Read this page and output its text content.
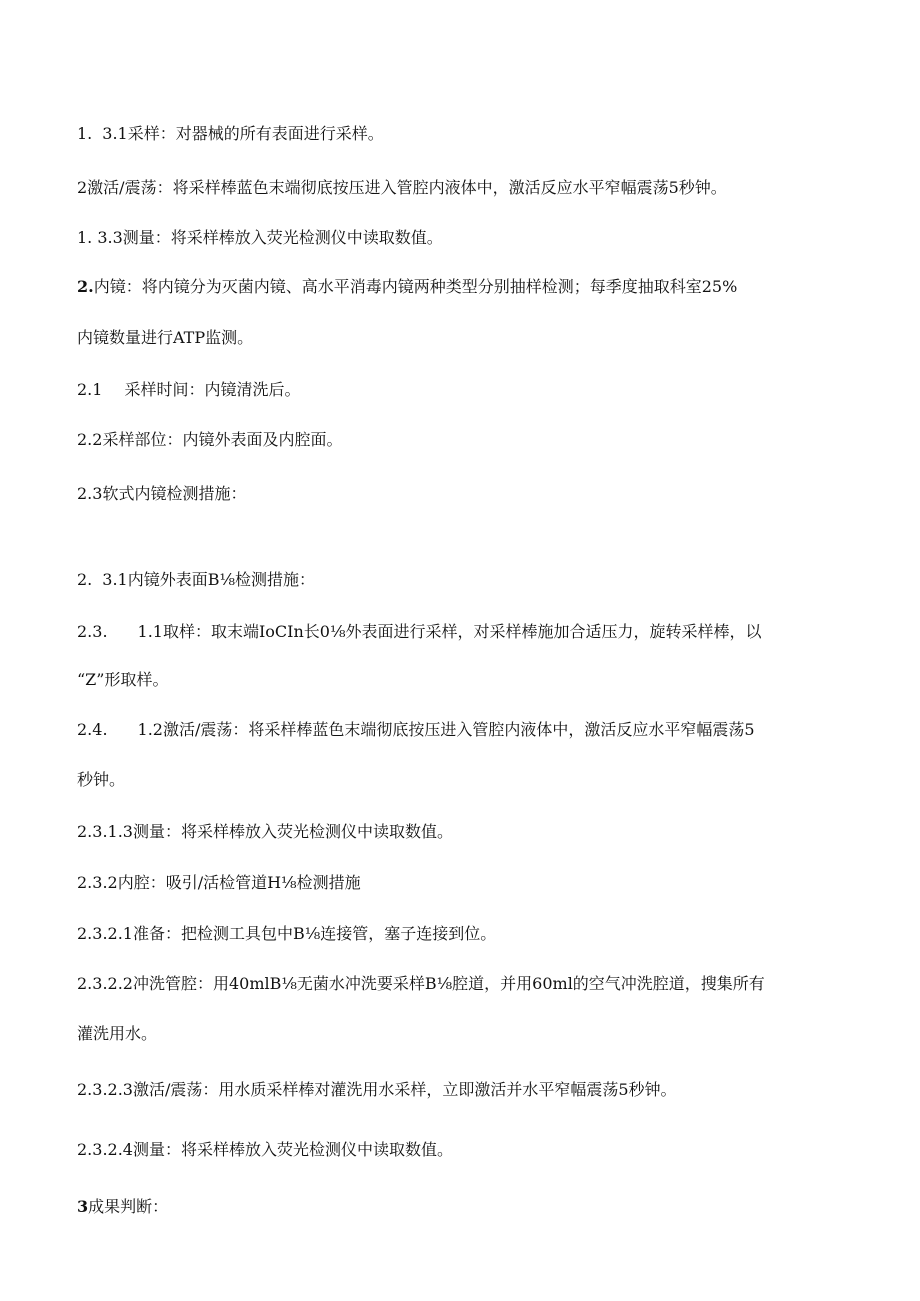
1. 3.1采样：对器械的所有表面进行采样。
2激活/震荡：将采样棒蓝色末端彻底按压进入管腔内液体中，激活反应水平窄幅震荡5秒钟。
1. 3.3测量：将采样棒放入荧光检测仪中读取数值。
2.内镜：将内镜分为灭菌内镜、高水平消毒内镜两种类型分别抽样检测；每季度抽取科室25%
内镜数量进行ATP监测。
2.1 采样时间：内镜清洗后。
2.2采样部位：内镜外表面及内腔面。
2.3软式内镜检测措施：
2. 3.1内镜外表面B⅛检测措施：
2.3. 1.1取样：取末端IoCIn长0⅛外表面进行采样，对采样棒施加合适压力，旋转采样棒，以
“Z”形取样。
2.4. 1.2激活/震荡：将采样棒蓝色末端彻底按压进入管腔内液体中，激活反应水平窄幅震荡5
秒钟。
2.3.1.3测量：将采样棒放入荧光检测仪中读取数值。
2.3.2内腔：吸引/活检管道H⅛检测措施
2.3.2.1准备：把检测工具包中B⅛连接管，塞子连接到位。
2.3.2.2冲洗管腔：用40mlB⅛无菌水冲洗要采样B⅛腔道，并用60ml的空气冲洗腔道，搜集所有
灌洗用水。
2.3.2.3激活/震荡：用水质采样棒对灌洗用水采样，立即激活并水平窄幅震荡5秒钟。
2.3.2.4测量：将采样棒放入荧光检测仪中读取数值。
3成果判断：
